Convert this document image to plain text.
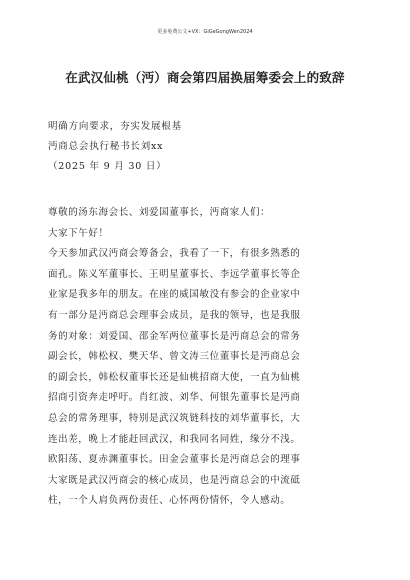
更多免费公文+VX：GiGeGongWen2024
在武汉仙桃（沔）商会第四届换届筹委会上的致辞
明确方向要求，夯实发展根基
沔商总会执行秘书长刘xx
（2025 年 9 月 30 日）
尊敬的汤东海会长、刘爱国董事长，沔商家人们：
大家下午好！
今天参加武汉沔商会筹备会，我看了一下，有很多熟悉的
面孔。陈义军董事长、王明星董事长、李远学董事长等企
业家是我多年的朋友。在座的威国敏没有参会的企业家中
有一部分是沔商总会理事会成员，是我的领导，也是我服
务的对象：刘爱国、邵金军两位董事长是沔商总会的常务
副会长，韩松权、樊天华、曾文涛三位董事长是沔商总会
的副会长，韩松权董事长还是仙桃招商大使，一直为仙桃
招商引资奔走呼吁。肖红波、刘华、何银先董事长是沔商
总会的常务理事，特别是武汉筑链科技的刘华董事长，大
连出差，晚上才能赶回武汉，和我同名同姓，缘分不浅。
欧阳荡、夏赤渊董事长。田金会董事长是沔商总会的理事
大家既是武汉沔商会的核心成员，也是沔商总会的中流砥
柱，一个人肩负两份责任、心怀两份情怀，令人感动。
